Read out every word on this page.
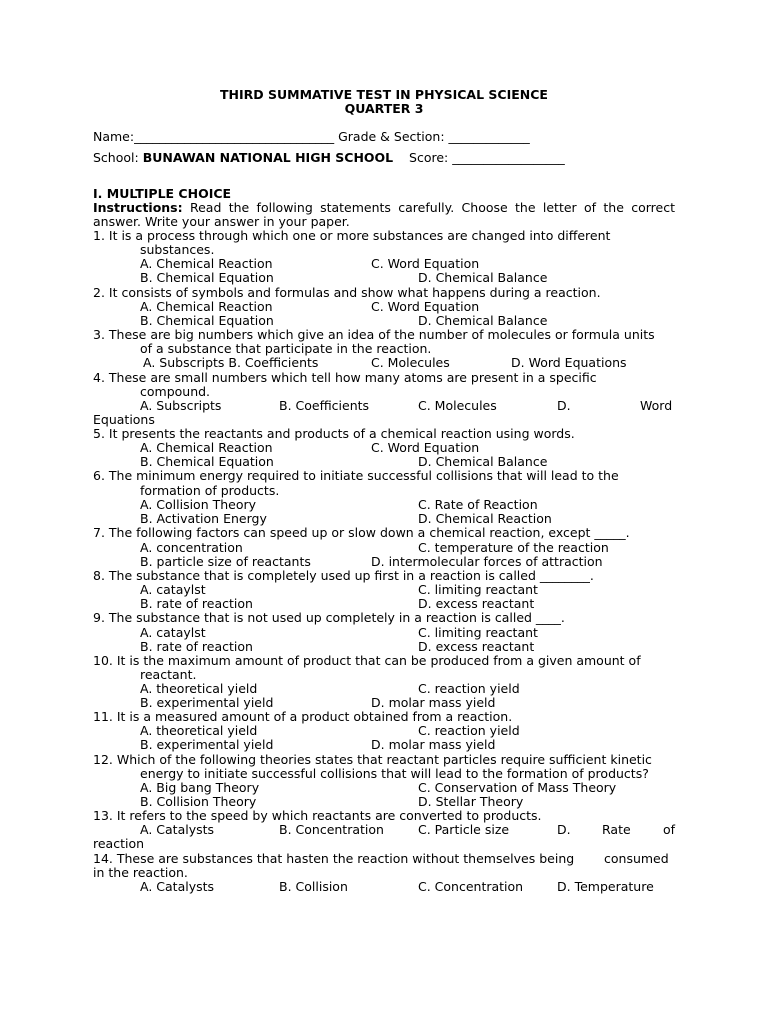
THIRD SUMMATIVE TEST IN PHYSICAL SCIENCE
QUARTER 3
Name:________________________________ Grade & Section: _____________
School: BUNAWAN NATIONAL HIGH SCHOOL Score: __________________
I. MULTIPLE CHOICE
Instructions: Read the following statements carefully. Choose the letter of the correct
answer. Write your answer in your paper.
1. It is a process through which one or more substances are changed into different
substances.
A. Chemical Reaction	C. Word Equation
B. Chemical Equation	D. Chemical Balance
2. It consists of symbols and formulas and show what happens during a reaction.
A. Chemical Reaction	C. Word Equation
B. Chemical Equation	D. Chemical Balance
3. These are big numbers which give an idea of the number of molecules or formula units
of a substance that participate in the reaction.
A. Subscripts B. Coefficients	C. Molecules	D. Word Equations
4. These are small numbers which tell how many atoms are present in a specific
compound.
A. Subscripts	B. Coefficients	C. Molecules	D.	Word
Equations
5. It presents the reactants and products of a chemical reaction using words.
A. Chemical Reaction	C. Word Equation
B. Chemical Equation	D. Chemical Balance
6. The minimum energy required to initiate successful collisions that will lead to the
formation of products.
A. Collision Theory	C. Rate of Reaction
B. Activation Energy	D. Chemical Reaction
7. The following factors can speed up or slow down a chemical reaction, except _____.
A. concentration	C. temperature of the reaction
B. particle size of reactants	D. intermolecular forces of attraction
8. The substance that is completely used up first in a reaction is called ________.
A. cataylst	C. limiting reactant
B. rate of reaction	D. excess reactant
9. The substance that is not used up completely in a reaction is called ____.
A. cataylst	C. limiting reactant
B. rate of reaction	D. excess reactant
10. It is the maximum amount of product that can be produced from a given amount of
reactant.
A. theoretical yield	C. reaction yield
B. experimental yield	D. molar mass yield
11. It is a measured amount of a product obtained from a reaction.
A. theoretical yield	C. reaction yield
B. experimental yield	D. molar mass yield
12. Which of the following theories states that reactant particles require sufficient kinetic
energy to initiate successful collisions that will lead to the formation of products?
A. Big bang Theory	C. Conservation of Mass Theory
B. Collision Theory	D. Stellar Theory
13. It refers to the speed by which reactants are converted to products.
A. Catalysts	B. Concentration	C. Particle size	D.	Rate	of
reaction
14. These are substances that hasten the reaction without themselves being consumed
in the reaction.
A. Catalysts	B. Collision	C. Concentration	D. Temperature
